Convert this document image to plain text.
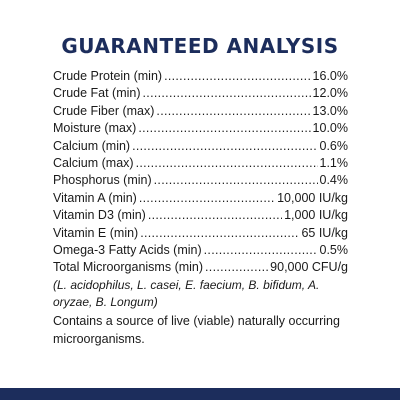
GUARANTEED ANALYSIS
Crude Protein (min) .....	16.0%
Crude Fat (min) .....	12.0%
Crude Fiber (max) .....	13.0%
Moisture (max) .....	10.0%
Calcium (min) .....	0.6%
Calcium (max) .....	1.1%
Phosphorus (min) .....	0.4%
Vitamin A (min) .....	10,000 IU/kg
Vitamin D3 (min) .....	1,000 IU/kg
Vitamin E (min) .....	65 IU/kg
Omega-3 Fatty Acids (min) .....	0.5%
Total Microorganisms (min) .....	90,000 CFU/g
(L. acidophilus, L. casei, E. faecium, B. bifidum, A. oryzae, B. Longum)
Contains a source of live (viable) naturally occurring microorganisms.
